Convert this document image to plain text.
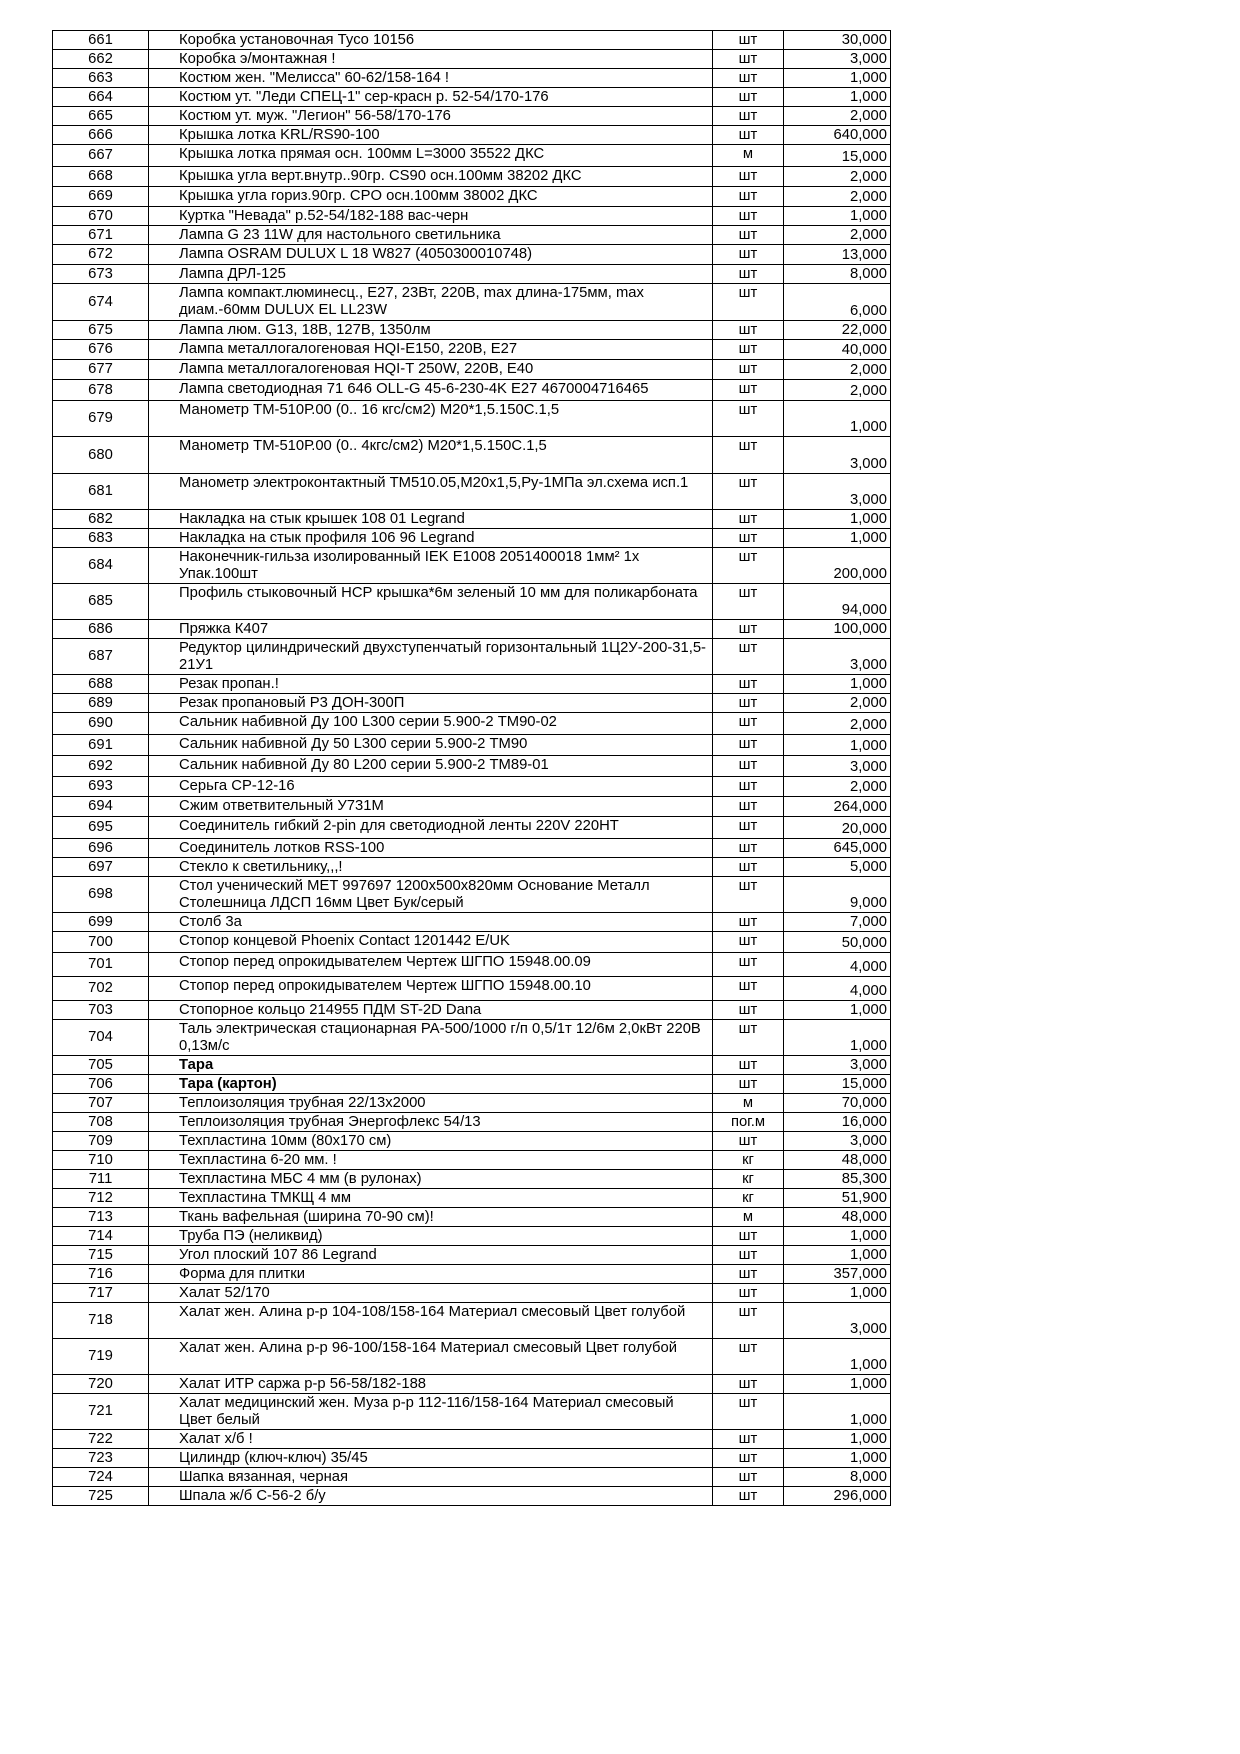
661	Коробка установочная Tyco 10156	шт	30,000
662	Коробка э/монтажная !	шт	3,000
663	Костюм жен. "Мелисса" 60-62/158-164 !	шт	1,000
664	Костюм ут. "Леди СПЕЦ-1" сер-красн р. 52-54/170-176	шт	1,000
665	Костюм ут. муж. "Легион" 56-58/170-176	шт	2,000
666	Крышка лотка KRL/RS90-100	шт	640,000
667	Крышка лотка прямая осн. 100мм L=3000 35522 ДКС	м	15,000
668	Крышка угла верт.внутр..90гр. CS90 осн.100мм 38202 ДКС	шт	2,000
669	Крышка угла гориз.90гр. CPO осн.100мм 38002 ДКС	шт	2,000
670	Куртка "Невада" р.52-54/182-188 вас-черн	шт	1,000
671	Лампа G 23 11W для настольного светильника	шт	2,000
672	Лампа OSRAM DULUX L 18 W827 (4050300010748)	шт	13,000
673	Лампа ДРЛ-125	шт	8,000
674	Лампа компакт.люминесц., E27, 23Вт, 220В, max длина-175мм, max диам.-60мм DULUX EL LL23W	шт	6,000
675	Лампа люм. G13, 18В, 127В, 1350лм	шт	22,000
676	Лампа металлогалогеновая HQI-E150, 220В, E27	шт	40,000
677	Лампа металлогалогеновая HQI-T 250W, 220В, E40	шт	2,000
678	Лампа светодиодная 71 646 OLL-G 45-6-230-4K E27 4670004716465	шт	2,000
679	Манометр ТМ-510Р.00 (0.. 16 кгс/см2) М20*1,5.150С.1,5	шт	1,000
680	Манометр ТМ-510Р.00 (0.. 4кгс/см2) М20*1,5.150С.1,5	шт	3,000
681	Манометр электроконтактный ТМ510.05,М20х1,5,Ру-1МПа эл.схема исп.1	шт	3,000
682	Накладка на стык крышек 108 01 Legrand	шт	1,000
683	Накладка на стык профиля 106 96 Legrand	шт	1,000
684	Наконечник-гильза изолированный IEK E1008 2051400018 1мм² 1х Упак.100шт	шт	200,000
685	Профиль стыковочный НСР крышка*6м зеленый 10 мм для поликарбоната	шт	94,000
686	Пряжка К407	шт	100,000
687	Редуктор цилиндрический двухступенчатый горизонтальный 1Ц2У-200-31,5-21У1	шт	3,000
688	Резак пропан.!	шт	1,000
689	Резак пропановый Р3 ДОН-300П	шт	2,000
690	Сальник набивной Ду 100 L300 серии 5.900-2 ТМ90-02	шт	2,000
691	Сальник набивной Ду 50 L300 серии 5.900-2 ТМ90	шт	1,000
692	Сальник набивной Ду 80 L200 серии 5.900-2 ТМ89-01	шт	3,000
693	Серьга СР-12-16	шт	2,000
694	Сжим ответвительный У731М	шт	264,000
695	Соединитель гибкий 2-pin для светодиодной ленты 220V 220HT	шт	20,000
696	Соединитель лотков RSS-100	шт	645,000
697	Стекло к светильнику,,,!	шт	5,000
698	Стол ученический MET 997697 1200х500х820мм Основание Металл Столешница ЛДСП 16мм Цвет Бук/серый	шт	9,000
699	Столб 3а	шт	7,000
700	Стопор концевой Phoenix Contact 1201442 E/UK	шт	50,000
701	Стопор перед опрокидывателем Чертеж ШГПО 15948.00.09	шт	4,000
702	Стопор перед опрокидывателем Чертеж ШГПО 15948.00.10	шт	4,000
703	Стопорное кольцо 214955 ПДМ ST-2D Dana	шт	1,000
704	Таль электрическая стационарная РА-500/1000 г/п 0,5/1т 12/6м 2,0кВт 220В 0,13м/с	шт	1,000
705	Тара	шт	3,000
706	Тара (картон)	шт	15,000
707	Теплоизоляция трубная 22/13х2000	м	70,000
708	Теплоизоляция трубная Энергофлекс 54/13	пог.м	16,000
709	Техпластина 10мм (80х170 см)	шт	3,000
710	Техпластина 6-20 мм. !	кг	48,000
711	Техпластина МБС 4 мм (в рулонах)	кг	85,300
712	Техпластина ТМКЩ 4 мм	кг	51,900
713	Ткань вафельная (ширина 70-90 см)!	м	48,000
714	Труба ПЭ (неликвид)	шт	1,000
715	Угол плоский 107 86 Legrand	шт	1,000
716	Форма для плитки	шт	357,000
717	Халат 52/170	шт	1,000
718	Халат жен. Алина р-р 104-108/158-164 Материал смесовый Цвет голубой	шт	3,000
719	Халат жен. Алина р-р 96-100/158-164 Материал смесовый Цвет голубой	шт	1,000
720	Халат ИТР саржа р-р 56-58/182-188	шт	1,000
721	Халат медицинский жен. Муза р-р 112-116/158-164 Материал смесовый Цвет белый	шт	1,000
722	Халат х/б !	шт	1,000
723	Цилиндр (ключ-ключ) 35/45	шт	1,000
724	Шапка вязанная, черная	шт	8,000
725	Шпала ж/б С-56-2 б/у	шт	296,000
